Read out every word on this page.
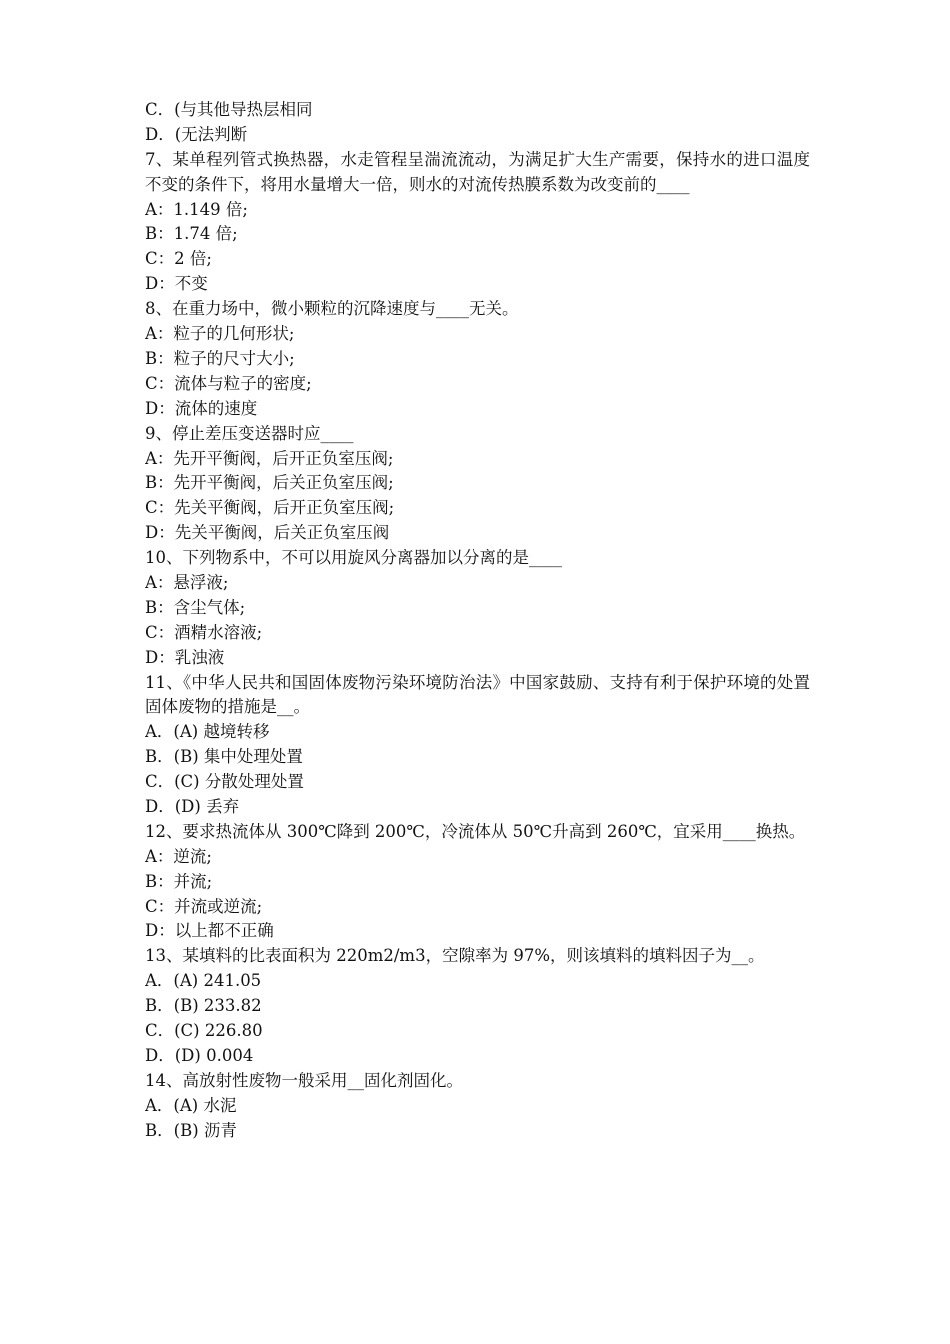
C．(与其他导热层相同
D．(无法判断
7、某单程列管式换热器，水走管程呈湍流流动，为满足扩大生产需要，保持水的进口温度不变的条件下，将用水量增大一倍，则水的对流传热膜系数为改变前的____
A：1.149 倍;
B：1.74 倍;
C：2 倍;
D：不变
8、在重力场中，微小颗粒的沉降速度与____无关。
A：粒子的几何形状;
B：粒子的尺寸大小;
C：流体与粒子的密度;
D：流体的速度
9、停止差压变送器时应____
A：先开平衡阀，后开正负室压阀;
B：先开平衡阀，后关正负室压阀;
C：先关平衡阀，后开正负室压阀;
D：先关平衡阀，后关正负室压阀
10、下列物系中，不可以用旋风分离器加以分离的是____
A：悬浮液;
B：含尘气体;
C：酒精水溶液;
D：乳浊液
11、《中华人民共和国固体废物污染环境防治法》中国家鼓励、支持有利于保护环境的处置固体废物的措施是__。
A．(A) 越境转移
B．(B) 集中处理处置
C．(C) 分散处理处置
D．(D) 丢弃
12、要求热流体从 300℃降到 200℃，冷流体从 50℃升高到 260℃，宜采用____换热。
A：逆流;
B：并流;
C：并流或逆流;
D：以上都不正确
13、某填料的比表面积为 220m2/m3，空隙率为 97%，则该填料的填料因子为__。
A．(A) 241.05
B．(B) 233.82
C．(C) 226.80
D．(D) 0.004
14、高放射性废物一般采用__固化剂固化。
A．(A) 水泥
B．(B) 沥青
